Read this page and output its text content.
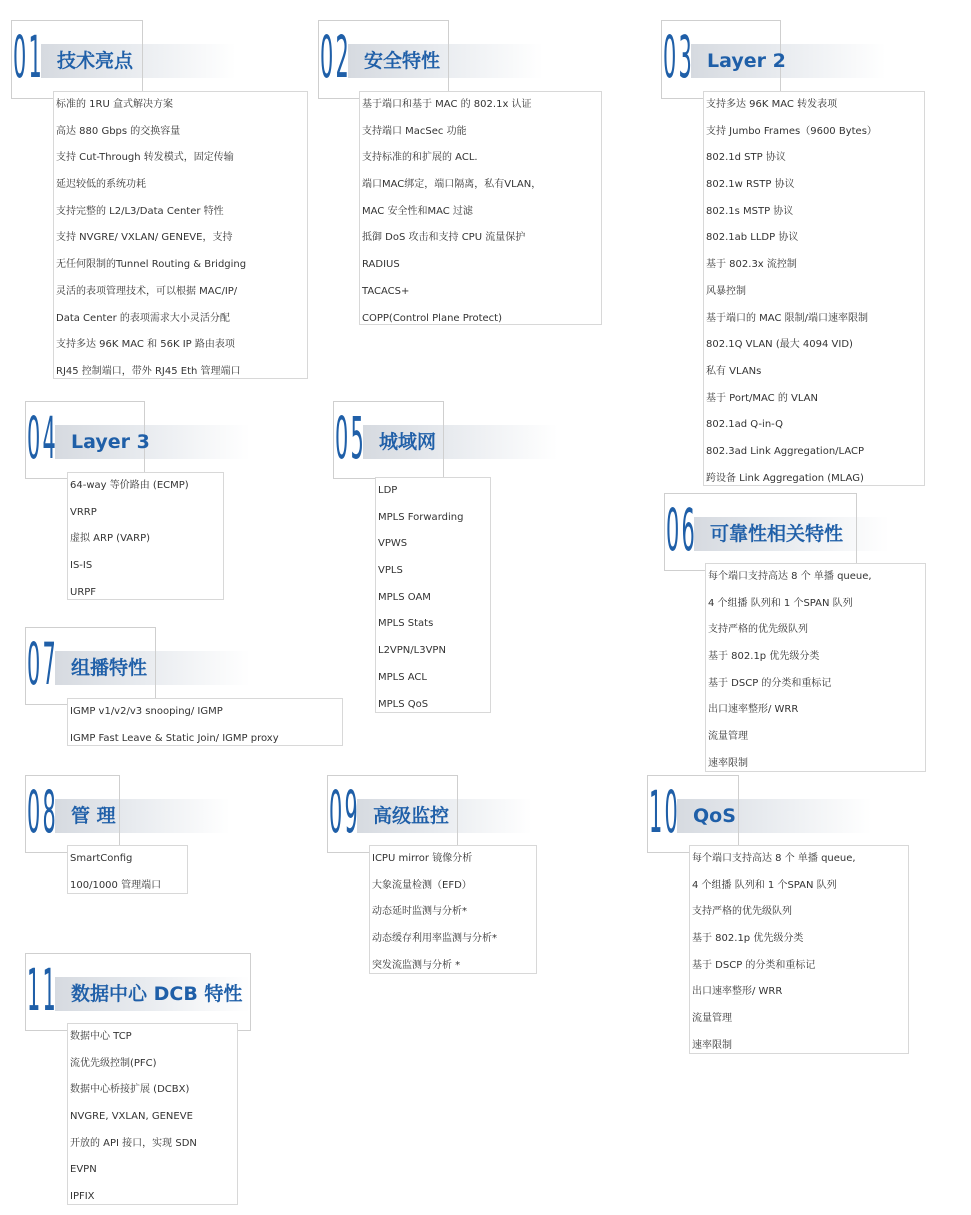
01 技术亮点
标准的 1RU 盒式解决方案
高达 880 Gbps 的交换容量
支持 Cut-Through 转发模式，固定传输
延迟较低的系统功耗
支持完整的 L2/L3/Data Center 特性
支持 NVGRE/ VXLAN/ GENEVE，支持
无任何限制的Tunnel Routing & Bridging
灵活的表项管理技术，可以根据 MAC/IP/
Data Center 的表项需求大小灵活分配
支持多达 96K MAC 和 56K IP 路由表项
RJ45 控制端口，带外 RJ45 Eth 管理端口
02 安全特性
基于端口和基于 MAC 的 802.1x 认证
支持端口 MacSec 功能
支持标准的和扩展的 ACL.
端口MAC绑定，端口隔离，私有VLAN，
MAC 安全性和MAC 过滤
抵御 DoS 攻击和支持 CPU 流量保护
RADIUS
TACACS+
COPP(Control Plane Protect)
03 Layer 2
支持多达 96K MAC 转发表项
支持 Jumbo Frames（9600 Bytes）
802.1d STP 协议
802.1w RSTP 协议
802.1s MSTP 协议
802.1ab LLDP 协议
基于 802.3x 流控制
风暴控制
基于端口的 MAC 限制/端口速率限制
802.1Q VLAN (最大 4094 VID)
私有 VLANs
基于 Port/MAC 的 VLAN
802.1ad Q-in-Q
802.3ad Link Aggregation/LACP
跨设备 Link Aggregation (MLAG)
04 Layer 3
64-way 等价路由 (ECMP)
VRRP
虚拟 ARP (VARP)
IS-IS
URPF
05 城域网
LDP
MPLS Forwarding
VPWS
VPLS
MPLS OAM
MPLS Stats
L2VPN/L3VPN
MPLS ACL
MPLS QoS
06 可靠性相关特性
每个端口支持高达 8 个 单播 queue,
4 个组播 队列和 1 个SPAN 队列
支持严格的优先级队列
基于 802.1p 优先级分类
基于 DSCP 的分类和重标记
出口速率整形/ WRR
流量管理
速率限制
07 组播特性
IGMP v1/v2/v3 snooping/ IGMP
IGMP Fast Leave & Static Join/ IGMP proxy
08 管 理
SmartConfig
100/1000 管理端口
09 高级监控
ICPU mirror 镜像分析
大象流量检测（EFD）
动态延时监测与分析*
动态缓存利用率监测与分析*
突发流监测与分析 *
10 QoS
每个端口支持高达 8 个 单播 queue,
4 个组播 队列和 1 个SPAN 队列
支持严格的优先级队列
基于 802.1p 优先级分类
基于 DSCP 的分类和重标记
出口速率整形/ WRR
流量管理
速率限制
11 数据中心 DCB 特性
数据中心 TCP
流优先级控制(PFC)
数据中心桥接扩展 (DCBX)
NVGRE, VXLAN, GENEVE
开放的 API 接口，实现 SDN
EVPN
IPFIX
